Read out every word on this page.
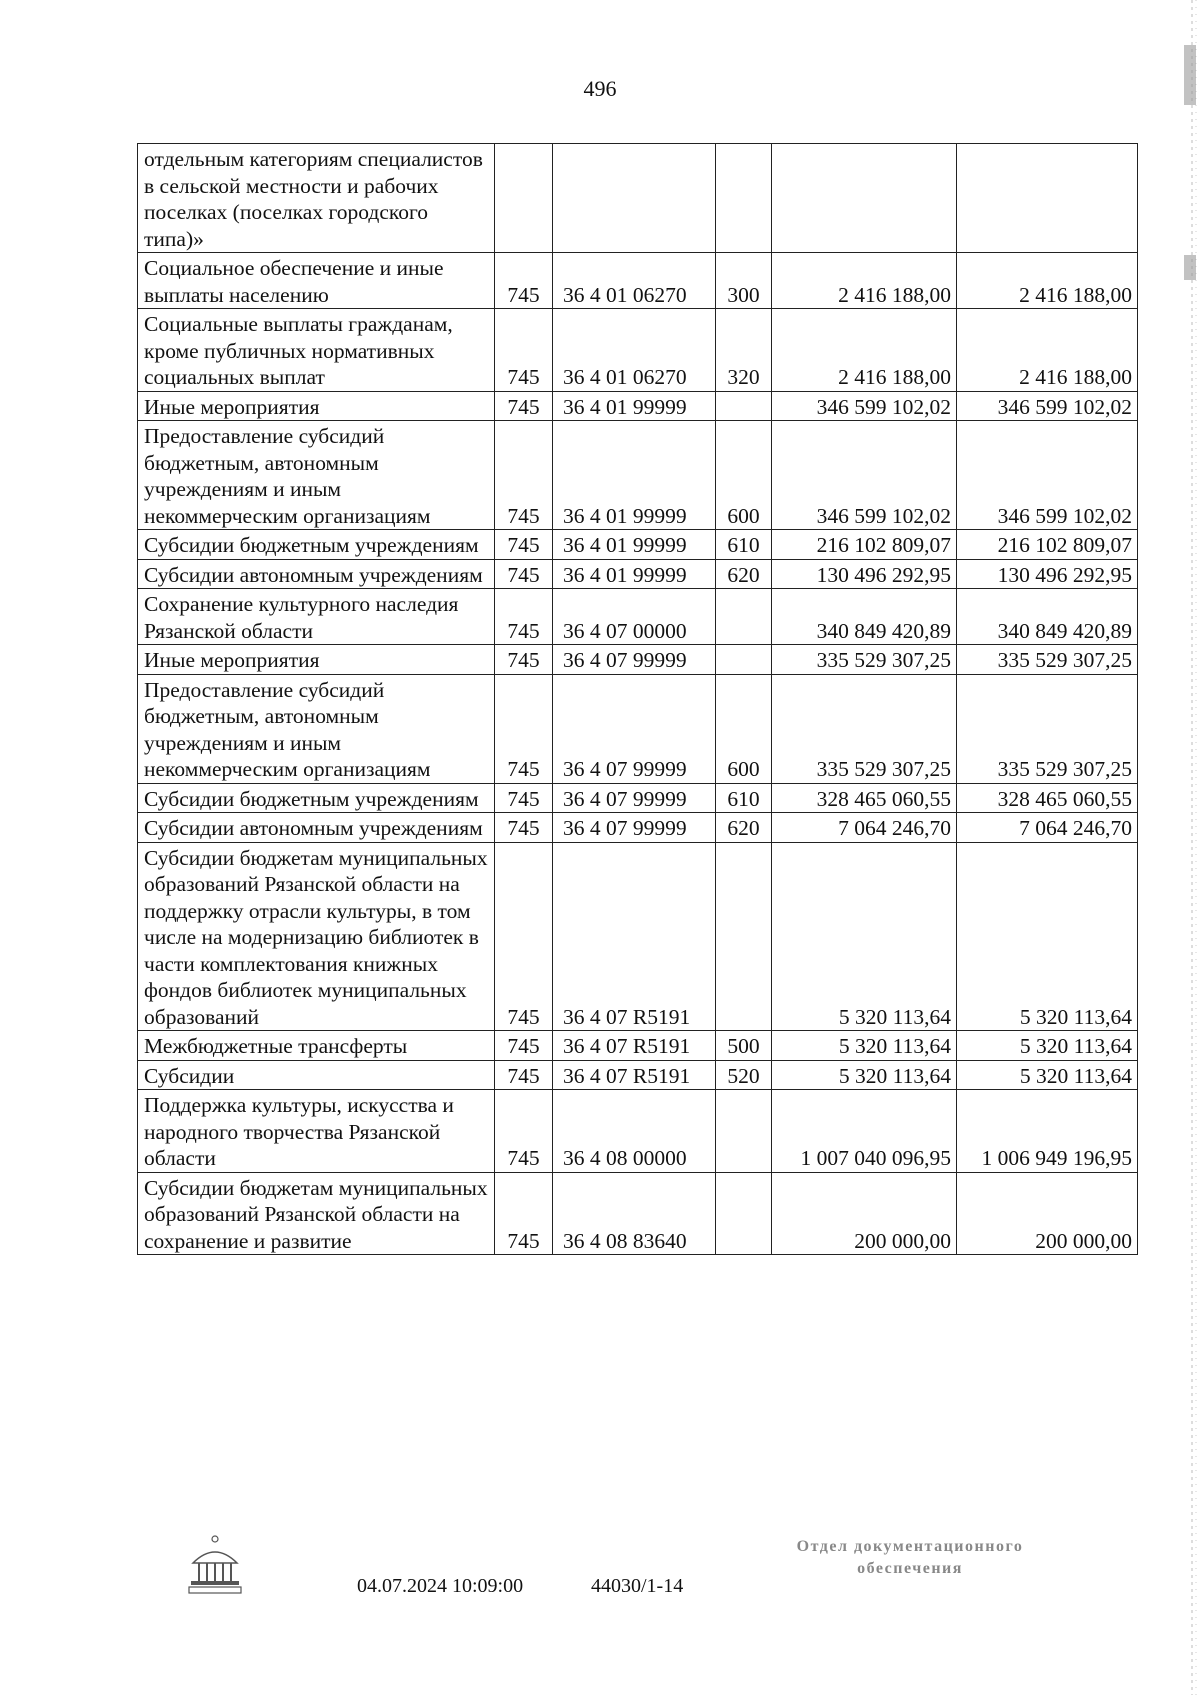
496
отдельным категориям специалистов в сельской местности и рабочих поселках (поселках городского типа)»					
Социальное обеспечение и иные выплаты населению	745	36 4 01 06270	300	2 416 188,00	2 416 188,00
Социальные выплаты гражданам, кроме публичных нормативных социальных выплат	745	36 4 01 06270	320	2 416 188,00	2 416 188,00
Иные мероприятия	745	36 4 01 99999		346 599 102,02	346 599 102,02
Предоставление субсидий бюджетным, автономным учреждениям и иным некоммерческим организациям	745	36 4 01 99999	600	346 599 102,02	346 599 102,02
Субсидии бюджетным учреждениям	745	36 4 01 99999	610	216 102 809,07	216 102 809,07
Субсидии автономным учреждениям	745	36 4 01 99999	620	130 496 292,95	130 496 292,95
Сохранение культурного наследия Рязанской области	745	36 4 07 00000		340 849 420,89	340 849 420,89
Иные мероприятия	745	36 4 07 99999		335 529 307,25	335 529 307,25
Предоставление субсидий бюджетным, автономным учреждениям и иным некоммерческим организациям	745	36 4 07 99999	600	335 529 307,25	335 529 307,25
Субсидии бюджетным учреждениям	745	36 4 07 99999	610	328 465 060,55	328 465 060,55
Субсидии автономным учреждениям	745	36 4 07 99999	620	7 064 246,70	7 064 246,70
Субсидии бюджетам муниципальных образований Рязанской области на поддержку отрасли культуры, в том числе на модернизацию библиотек в части комплектования книжных фондов библиотек муниципальных образований	745	36 4 07 R5191		5 320 113,64	5 320 113,64
Межбюджетные трансферты	745	36 4 07 R5191	500	5 320 113,64	5 320 113,64
Субсидии	745	36 4 07 R5191	520	5 320 113,64	5 320 113,64
Поддержка культуры, искусства и народного творчества Рязанской области	745	36 4 08 00000		1 007 040 096,95	1 006 949 196,95
Субсидии бюджетам муниципальных образований Рязанской области на сохранение и развитие	745	36 4 08 83640		200 000,00	200 000,00
04.07.2024 10:09:00	44030/1-14
Отдел документационного
обеспечения
